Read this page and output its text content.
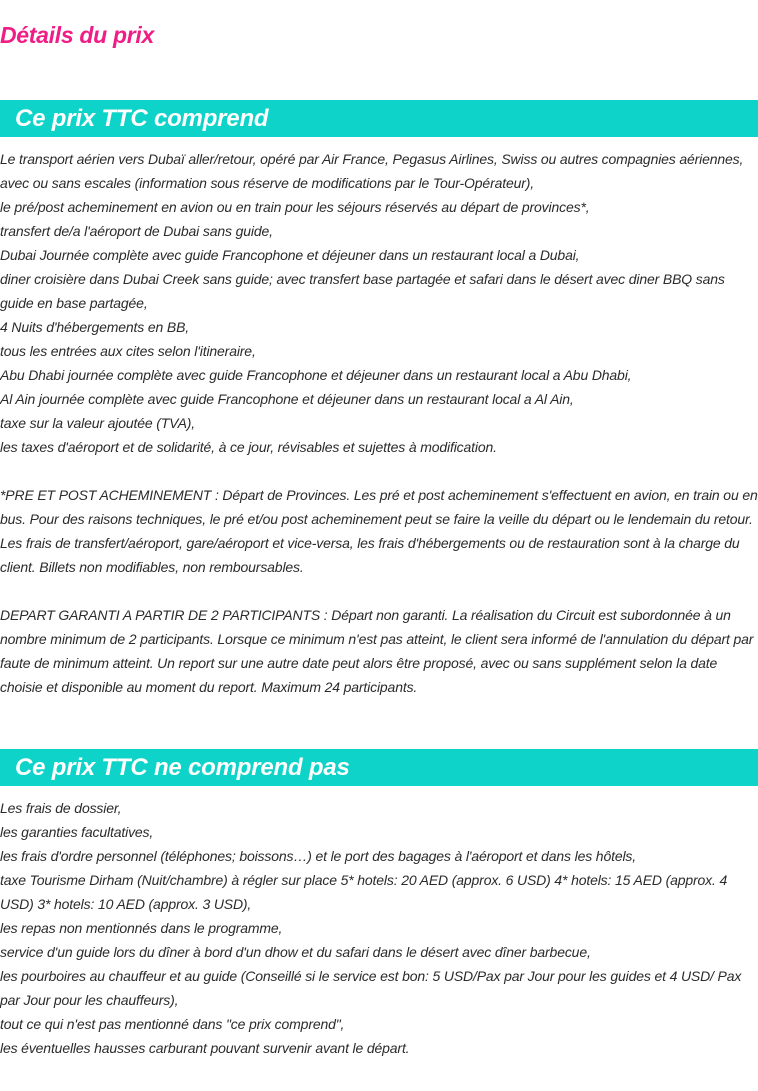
Détails du prix
Ce prix TTC comprend

Le transport aérien vers Dubaï aller/retour, opéré par Air France, Pegasus Airlines, Swiss ou autres compagnies aériennes, avec ou sans escales (information sous réserve de modifications par le Tour-Opérateur),

le pré/post acheminement en avion ou en train pour les séjours réservés au départ de provinces*,

transfert de/a l'aéroport de Dubai sans guide,

Dubai Journée complète avec guide Francophone et déjeuner dans un restaurant local a Dubai,

diner croisière dans Dubai Creek sans guide; avec transfert base partagée et safari dans le désert avec diner BBQ sans guide en base partagée,

4 Nuits d'hébergements en BB,

tous les entrées aux cites selon l'itineraire,

Abu Dhabi journée complète avec guide Francophone et déjeuner dans un restaurant local a Abu Dhabi,

Al Ain journée complète avec guide Francophone et déjeuner dans un restaurant local a Al Ain,

taxe sur la valeur ajoutée (TVA),

les taxes d'aéroport et de solidarité, à ce jour, révisables et sujettes à modification.

*PRE ET POST ACHEMINEMENT : Départ de Provinces. Les pré et post acheminement s'effectuent en avion, en train ou en bus. Pour des raisons techniques, le pré et/ou post acheminement peut se faire la veille du départ ou le lendemain du retour. Les frais de transfert/aéroport, gare/aéroport et vice-versa, les frais d'hébergements ou de restauration sont à la charge du client. Billets non modifiables, non remboursables.

DEPART GARANTI A PARTIR DE 2 PARTICIPANTS : Départ non garanti. La réalisation du Circuit est subordonnée à un nombre minimum de 2 participants. Lorsque ce minimum n'est pas atteint, le client sera informé de l'annulation du départ par faute de minimum atteint. Un report sur une autre date peut alors être proposé, avec ou sans supplément selon la date choisie et disponible au moment du report. Maximum 24 participants.

Ce prix TTC ne comprend pas

Les frais de dossier,

les garanties facultatives,

les frais d'ordre personnel (téléphones; boissons…) et le port des bagages à l'aéroport et dans les hôtels,

taxe Tourisme Dirham (Nuit/chambre) à régler sur place 5* hotels: 20 AED (approx. 6 USD) 4* hotels: 15 AED (approx. 4 USD) 3* hotels: 10 AED (approx. 3 USD),

les repas non mentionnés dans le programme,

service d'un guide lors du dîner à bord d'un dhow et du safari dans le désert avec dîner barbecue,

les pourboires au chauffeur et au guide (Conseillé si le service est bon: 5 USD/Pax par Jour pour les guides et 4 USD/ Pax par Jour pour les chauffeurs),

tout ce qui n'est pas mentionné dans "ce prix comprend",

les éventuelles hausses carburant pouvant survenir avant le départ.
